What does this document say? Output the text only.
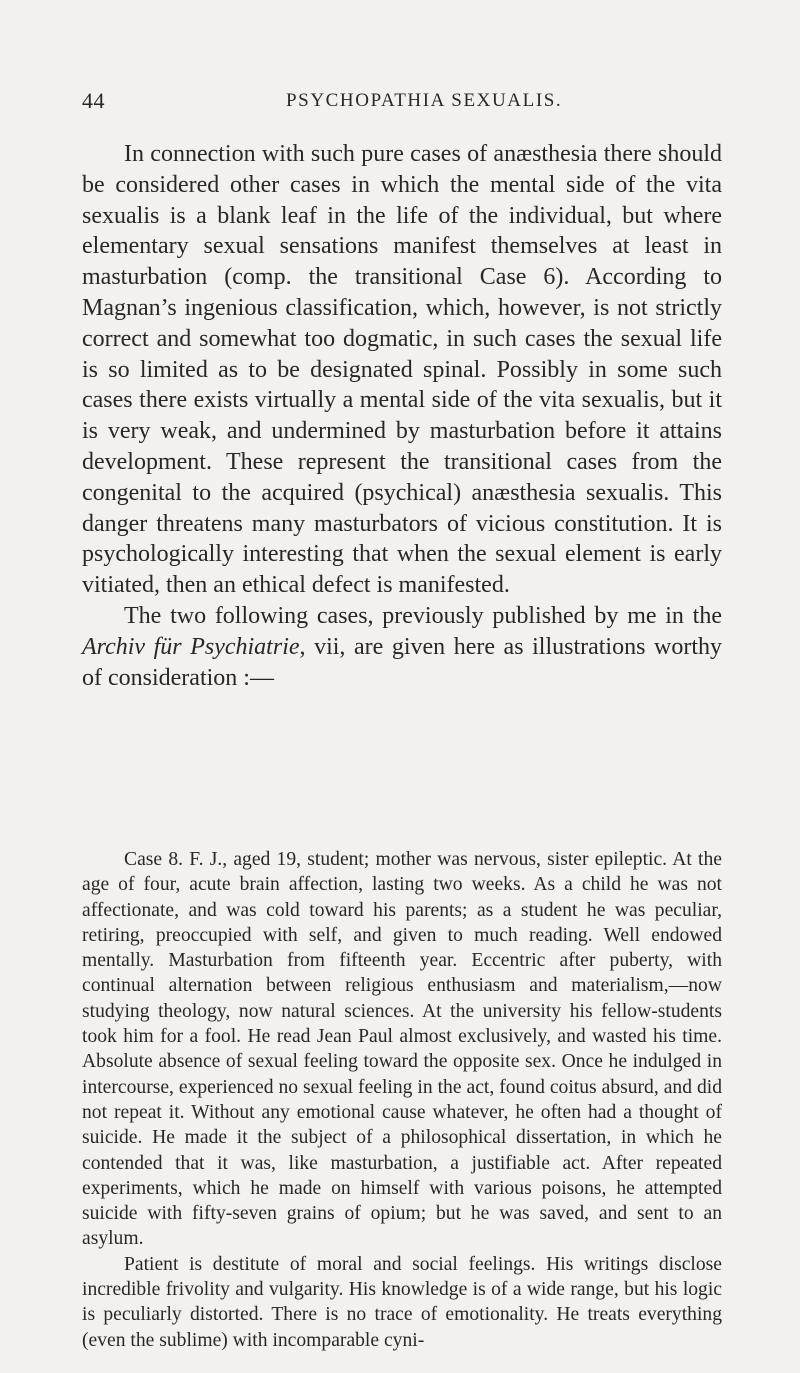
44	PSYCHOPATHIA SEXUALIS.

In connection with such pure cases of anæsthesia there should be considered other cases in which the mental side of the vita sexualis is a blank leaf in the life of the individual, but where elementary sexual sensations manifest themselves at least in masturbation (comp. the transitional Case 6). According to Magnan’s ingenious classification, which, however, is not strictly correct and somewhat too dogmatic, in such cases the sexual life is so limited as to be designated spinal. Possibly in some such cases there exists virtually a mental side of the vita sexualis, but it is very weak, and undermined by masturbation before it attains development. These represent the transitional cases from the congenital to the acquired (psychical) anæsthesia sexualis. This danger threatens many masturbators of vicious constitution. It is psychologically interesting that when the sexual element is early vitiated, then an ethical defect is manifested.

The two following cases, previously published by me in the Archiv für Psychiatrie, vii, are given here as illustrations worthy of consideration :—

Case 8. F. J., aged 19, student; mother was nervous, sister epileptic. At the age of four, acute brain affection, lasting two weeks. As a child he was not affectionate, and was cold toward his parents; as a student he was peculiar, retiring, preoccupied with self, and given to much reading. Well endowed mentally. Masturbation from fifteenth year. Eccentric after puberty, with continual alternation between religious enthusiasm and materialism,—now studying theology, now natural sciences. At the university his fellow-students took him for a fool. He read Jean Paul almost exclusively, and wasted his time. Absolute absence of sexual feeling toward the opposite sex. Once he indulged in intercourse, experienced no sexual feeling in the act, found coitus absurd, and did not repeat it. Without any emotional cause whatever, he often had a thought of suicide. He made it the subject of a philosophical dissertation, in which he contended that it was, like masturbation, a justifiable act. After repeated experiments, which he made on himself with various poisons, he attempted suicide with fifty-seven grains of opium; but he was saved, and sent to an asylum.

Patient is destitute of moral and social feelings. His writings disclose incredible frivolity and vulgarity. His knowledge is of a wide range, but his logic is peculiarly distorted. There is no trace of emotionality. He treats everything (even the sublime) with incomparable cyni-
